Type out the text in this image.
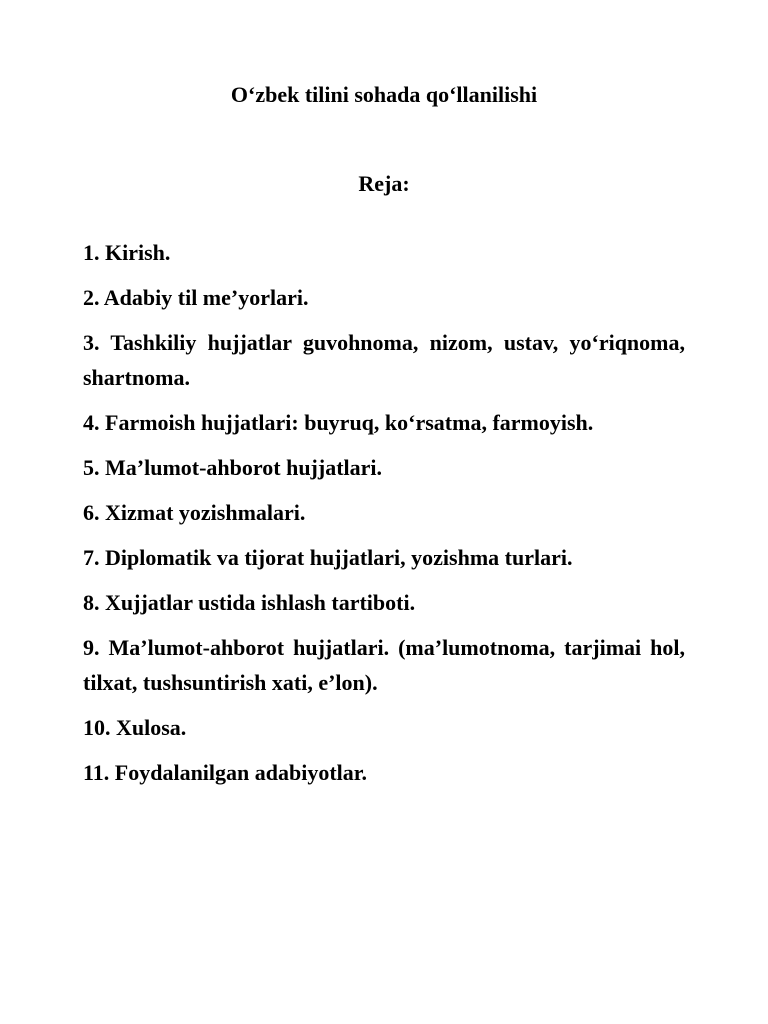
O‘zbek tilini sohada qo‘llanilishi
Reja:
1. Kirish.
2. Adabiy til me’yorlari.
3. Tashkiliy hujjatlar guvohnoma, nizom, ustav, yo‘riqnoma, shartnoma.
4. Farmoish hujjatlari: buyruq, ko‘rsatma, farmoyish.
5. Ma’lumot-ahborot hujjatlari.
6. Xizmat yozishmalari.
7. Diplomatik va tijorat hujjatlari, yozishma turlari.
8. Xujjatlar ustida ishlash tartiboti.
9. Ma’lumot-ahborot hujjatlari. (ma’lumotnoma, tarjimai hol, tilxat, tushsuntirish xati, e’lon).
10. Xulosa.
11. Foydalanilgan adabiyotlar.
